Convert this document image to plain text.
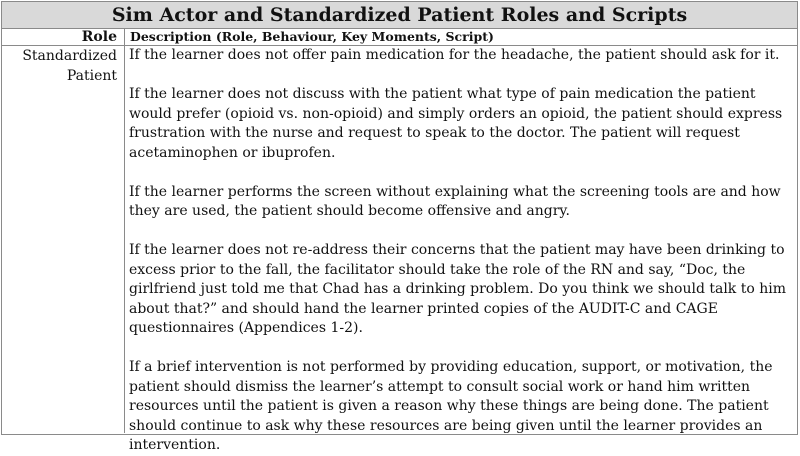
Sim Actor and Standardized Patient Roles and Scripts
Role	Description (Role, Behaviour, Key Moments, Script)
Standardized
Patient

If the learner does not offer pain medication for the headache, the patient should ask for it.

If the learner does not discuss with the patient what type of pain medication the patient would prefer (opioid vs. non-opioid) and simply orders an opioid, the patient should express frustration with the nurse and request to speak to the doctor. The patient will request acetaminophen or ibuprofen.

If the learner performs the screen without explaining what the screening tools are and how they are used, the patient should become offensive and angry.

If the learner does not re-address their concerns that the patient may have been drinking to excess prior to the fall, the facilitator should take the role of the RN and say, “Doc, the girlfriend just told me that Chad has a drinking problem. Do you think we should talk to him about that?” and should hand the learner printed copies of the AUDIT-C and CAGE questionnaires (Appendices 1-2).

If a brief intervention is not performed by providing education, support, or motivation, the patient should dismiss the learner’s attempt to consult social work or hand him written resources until the patient is given a reason why these things are being done. The patient should continue to ask why these resources are being given until the learner provides an intervention.
